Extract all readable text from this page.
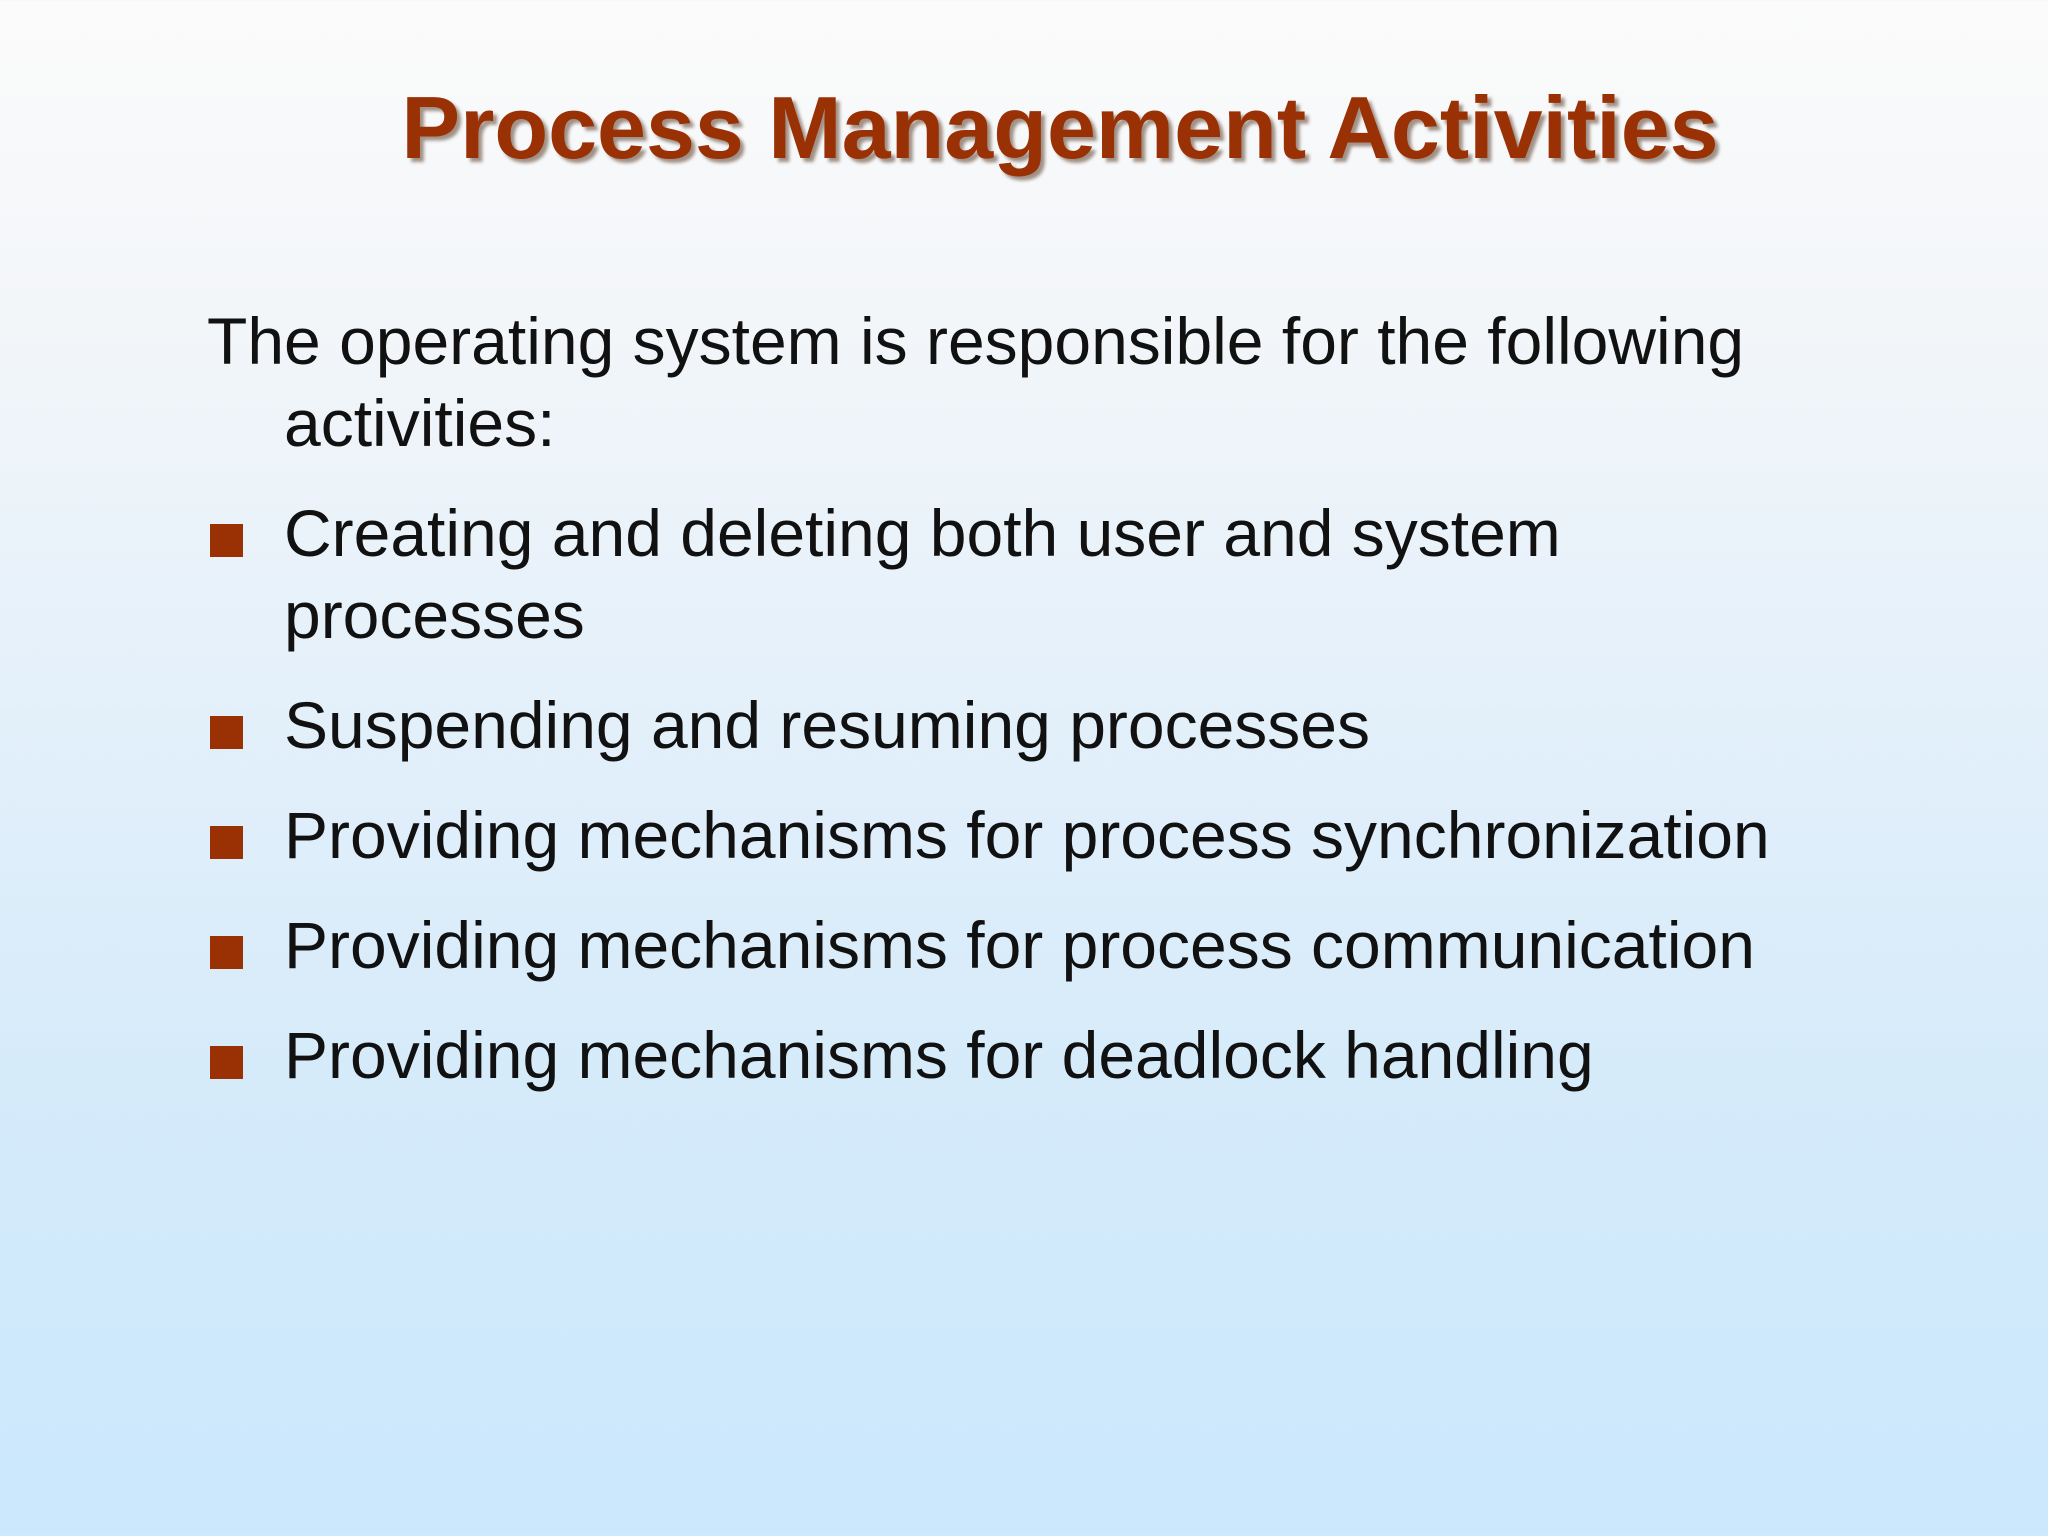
Process Management Activities
The operating system is responsible for the following activities:
Creating and deleting both user and system processes
Suspending and resuming processes
Providing mechanisms for process synchronization
Providing mechanisms for process communication
Providing mechanisms for deadlock handling
